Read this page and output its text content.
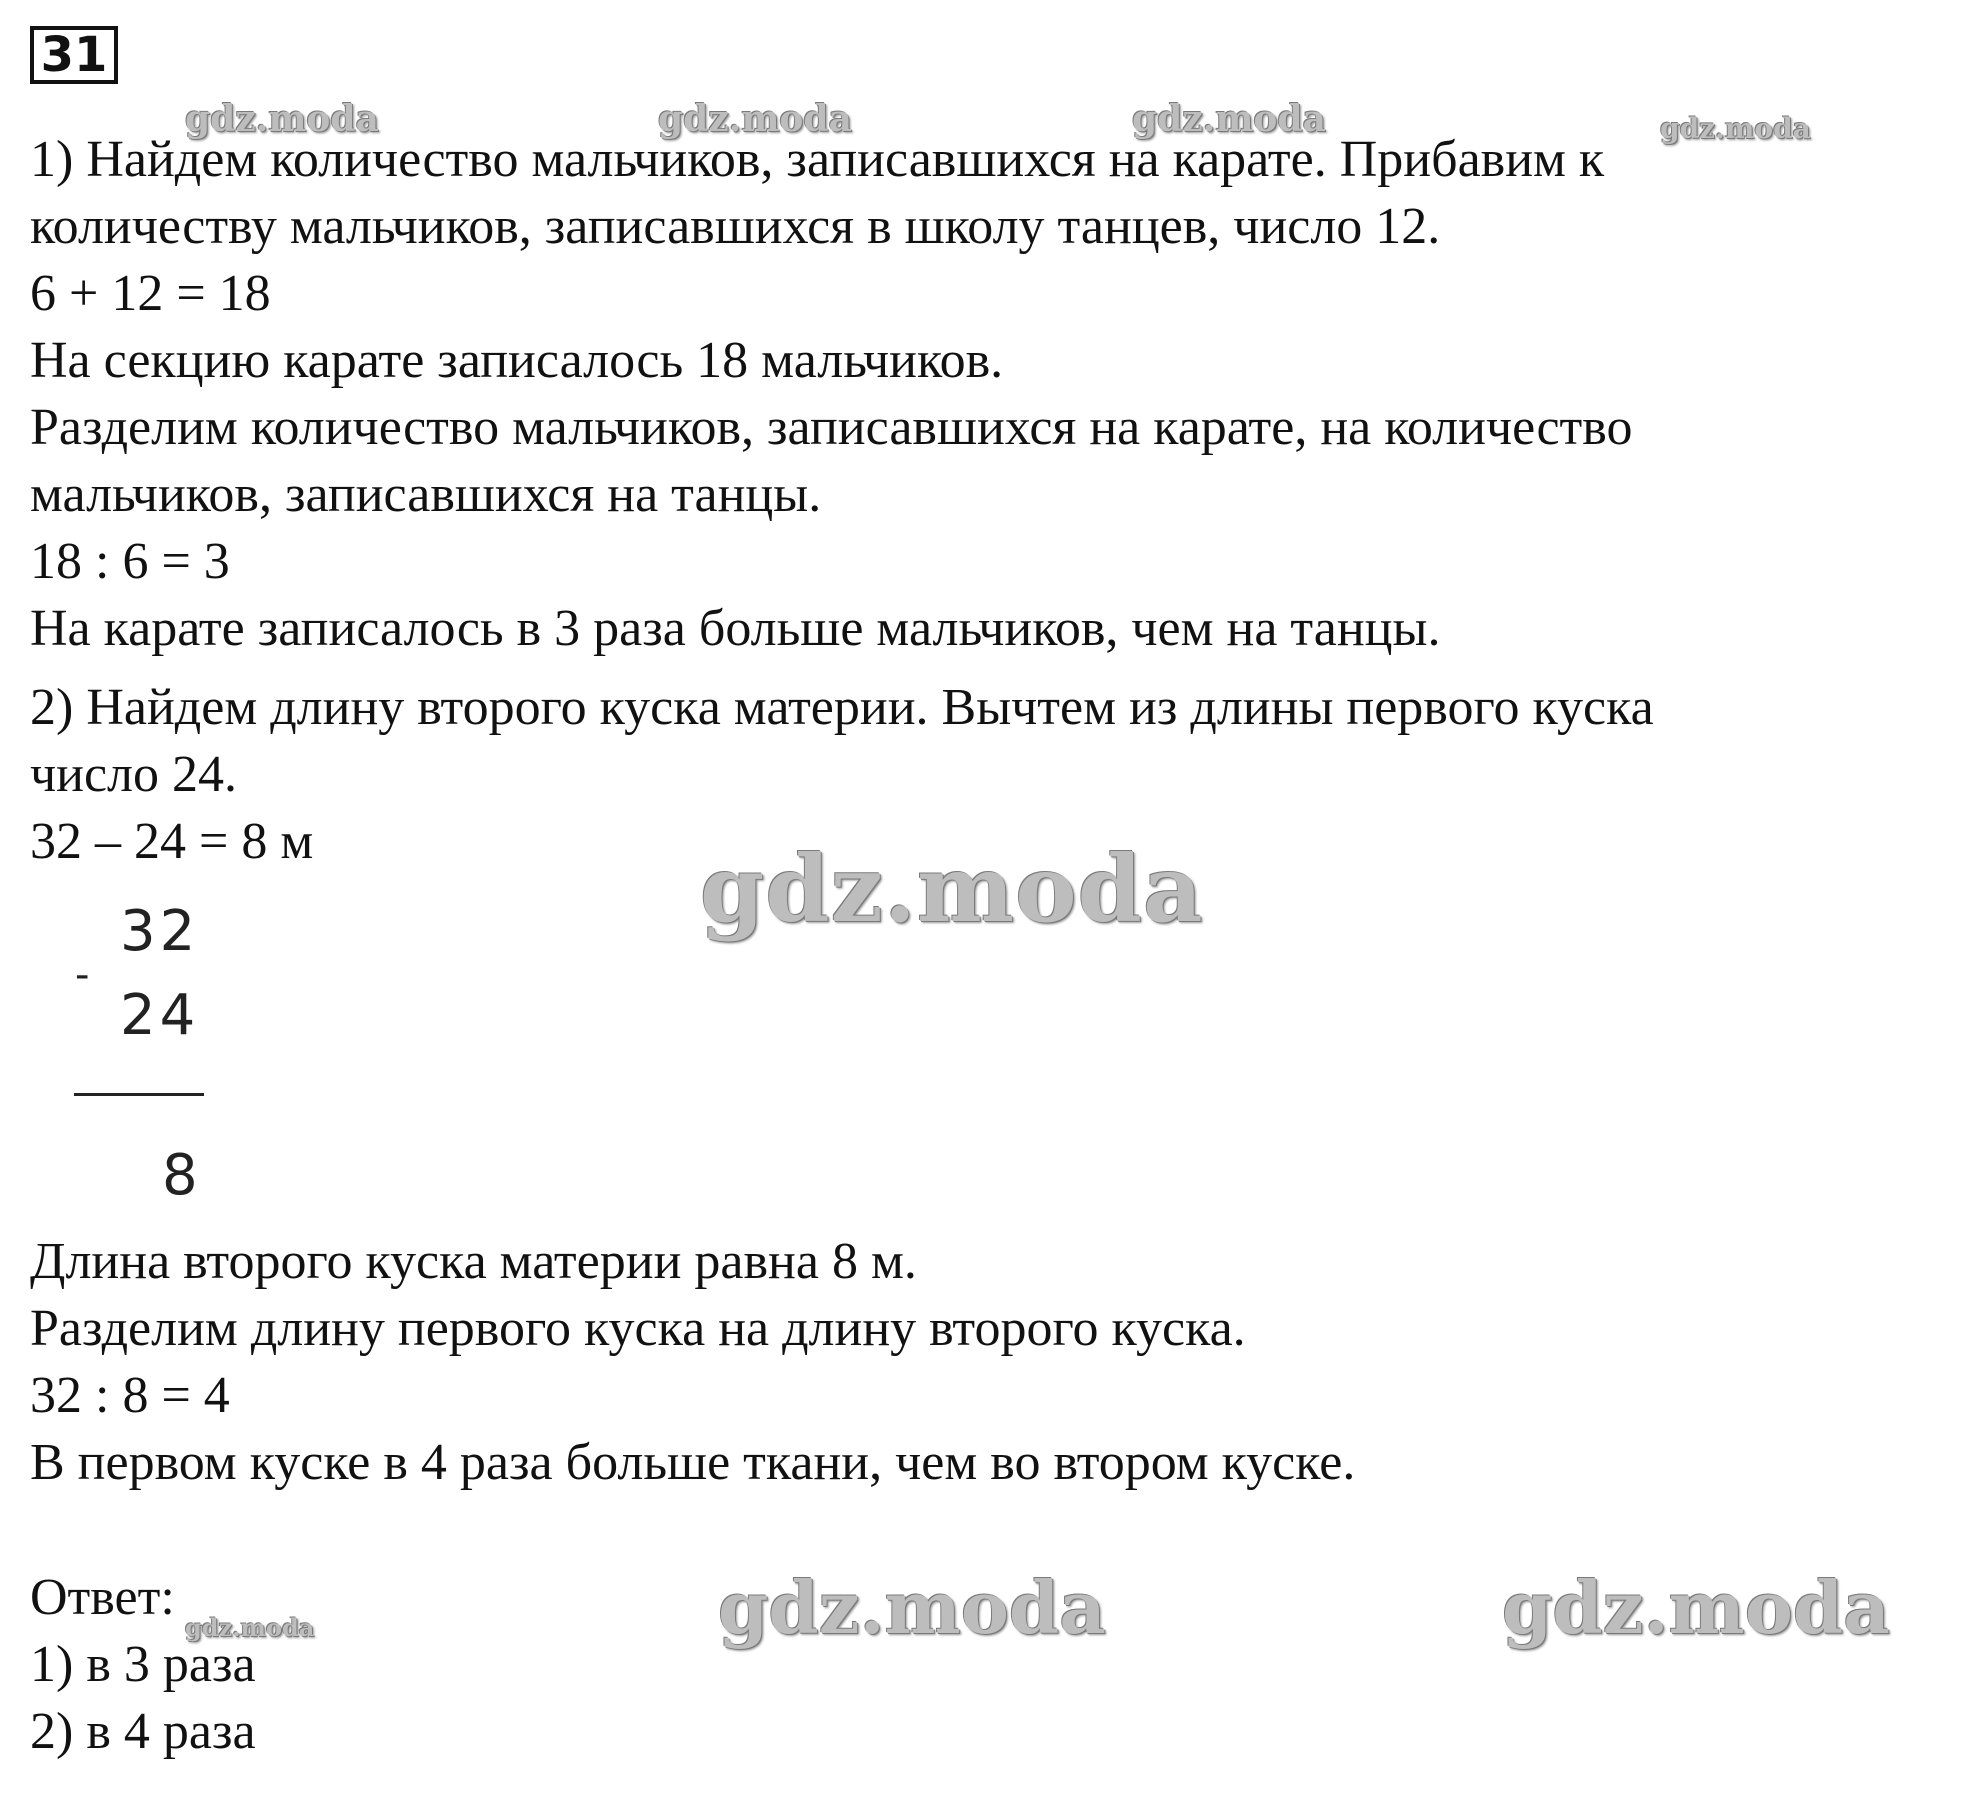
31
gdz.moda	gdz.moda	gdz.moda	gdz.moda
gdz.moda
gdz.moda	gdz.moda	gdz.moda
1) Найдем количество мальчиков, записавшихся на карате. Прибавим к
количеству мальчиков, записавшихся в школу танцев, число 12.
6 + 12 = 18
На секцию карате записалось 18 мальчиков.
Разделим количество мальчиков, записавшихся на карате, на количество
мальчиков, записавшихся на танцы.
18 : 6 = 3
На карате записалось в 3 раза больше мальчиков, чем на танцы.
2) Найдем длину второго куска материи. Вычтем из длины первого куска
число 24.
32 – 24 = 8 м
32
-
24
8
Длина второго куска материи равна 8 м.
Разделим длину первого куска на длину второго куска.
32 : 8 = 4
В первом куске в 4 раза больше ткани, чем во втором куске.
Ответ:
1) в 3 раза
2) в 4 раза
